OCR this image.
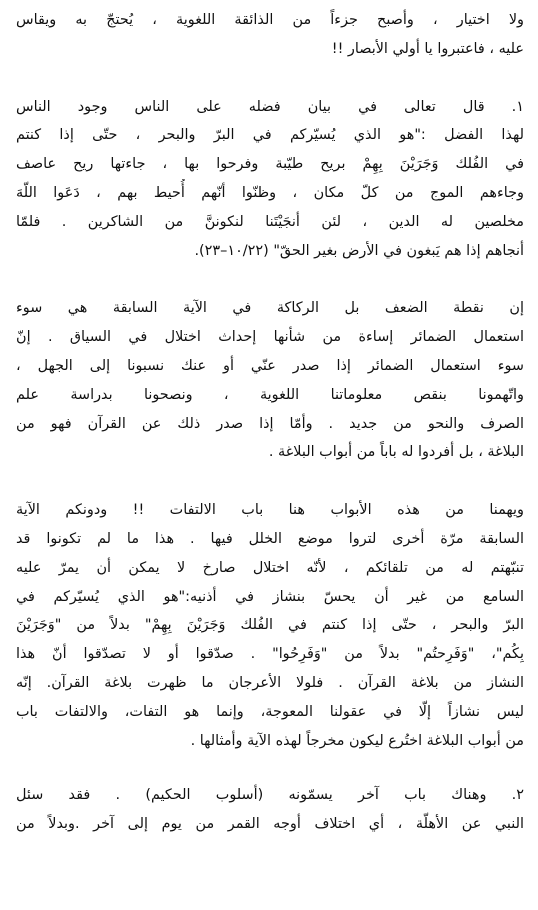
ولا اختيار ، وأصبح جزءاً من الذائقة اللغوية ، يُحتجّ به ويقاس
عليه ، فاعتبروا يا أولي الأبصار !!
١. قال تعالى في بيان فضله على الناس وجود الناس
لهذا الفضل :"هو الذي يُسيّركم في البرّ والبحر ، حتّى إذا كنتم
في الفُلك وَجَرَيْنَ بِهِمْ بريح طيّبة وفرحوا بها ، جاءتها ريح عاصف
وجاءهم الموج من كلّ مكان ، وظنّوا أنّهم أُحيط بهم ، دَعَوا اللّهَ
مخلصين له الدين ، لئن أنجَيْتَنا لنكوننَّ من الشاكرين . فلمّا
أنجاهم إذا هم يَبغون في الأرض بغير الحقّ" (١٠/٢٢–٢٣).
إن نقطة الضعف بل الركاكة في الآية السابقة هي سوء
استعمال الضمائر إساءة من شأنها إحداث اختلال في السياق . إنّ
سوء استعمال الضمائر إذا صدر عنّي أو عنك نسبونا إلى الجهل ،
واتّهمونا بنقص معلوماتنا اللغوية ، ونصحونا بدراسة علم
الصرف والنحو من جديد . وأمّا إذا صدر ذلك عن القرآن فهو من
البلاغة ، بل أفردوا له باباً من أبواب البلاغة .
ويهمنا من هذه الأبواب هنا باب الالتفات !! ودونكم الآية
السابقة مرّة أخرى لتروا موضع الخلل فيها . هذا ما لم تكونوا قد
تنبّهتم له من تلقائكم ، لأنّه اختلال صارخ لا يمكن أن يمرّ عليه
السامع من غير أن يحسّ بنشاز في أذنيه:"هو الذي يُسيّركم في
البرّ والبحر ، حتّى إذا كنتم في الفُلك وَجَرَيْنَ بِهِمْ" بدلاً من "وَجَرَيْنَ
بِكُم"، "وَفَرِحتُم" بدلاً من "وَفَرِحُوا" . صدّقوا أو لا تصدّقوا أنّ هذا
النشاز من بلاغة القرآن . فلولا الأعرجان ما ظهرت بلاغة القرآن. إنّه
ليس نشازاً إلّا في عقولنا المعوجة، وإنما هو التفات، والالتفات باب
من أبواب البلاغة اختُرع ليكون مخرجاً لهذه الآية وأمثالها .
٢. وهناك باب آخر يسمّونه (أسلوب الحكيم) . فقد سئل
النبي عن الأهلّة ، أي اختلاف أوجه القمر من يوم إلى آخر .وبدلاً من
